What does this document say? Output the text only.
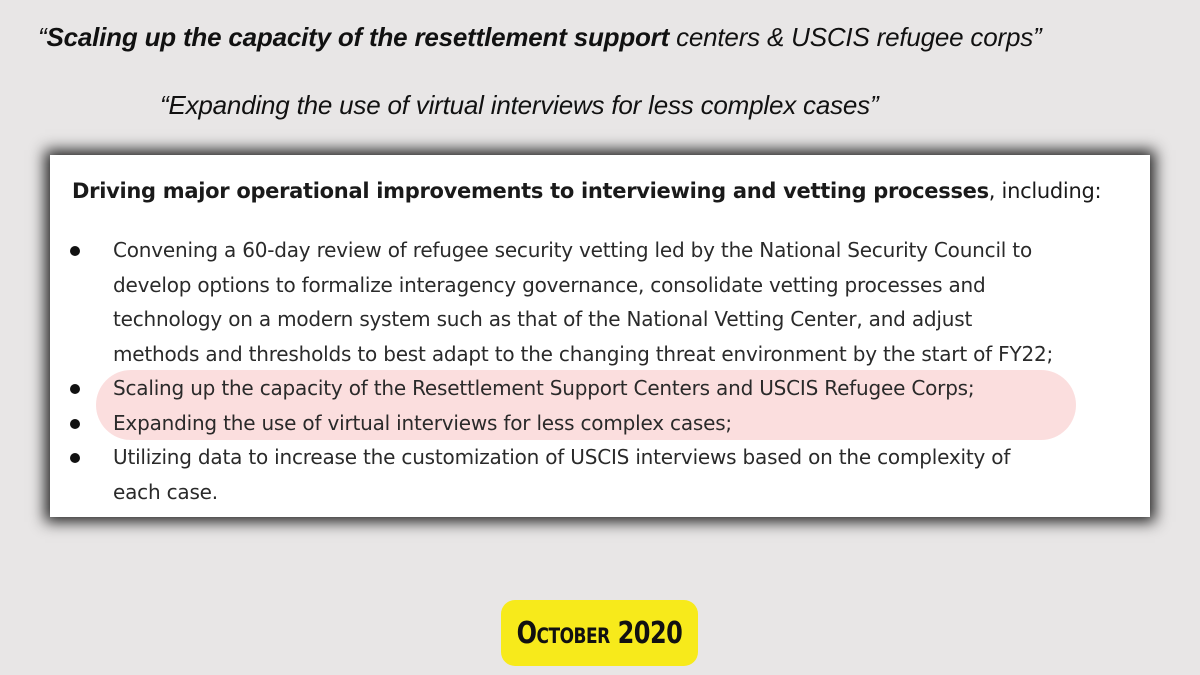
“Scaling up the capacity of the resettlement support centers & USCIS refugee corps”
“Expanding the use of virtual interviews for less complex cases”
Driving major operational improvements to interviewing and vetting processes, including:
Convening a 60-day review of refugee security vetting led by the National Security Council to
develop options to formalize interagency governance, consolidate vetting processes and
technology on a modern system such as that of the National Vetting Center, and adjust
methods and thresholds to best adapt to the changing threat environment by the start of FY22;
Scaling up the capacity of the Resettlement Support Centers and USCIS Refugee Corps;
Expanding the use of virtual interviews for less complex cases;
Utilizing data to increase the customization of USCIS interviews based on the complexity of
each case.
October 2020
